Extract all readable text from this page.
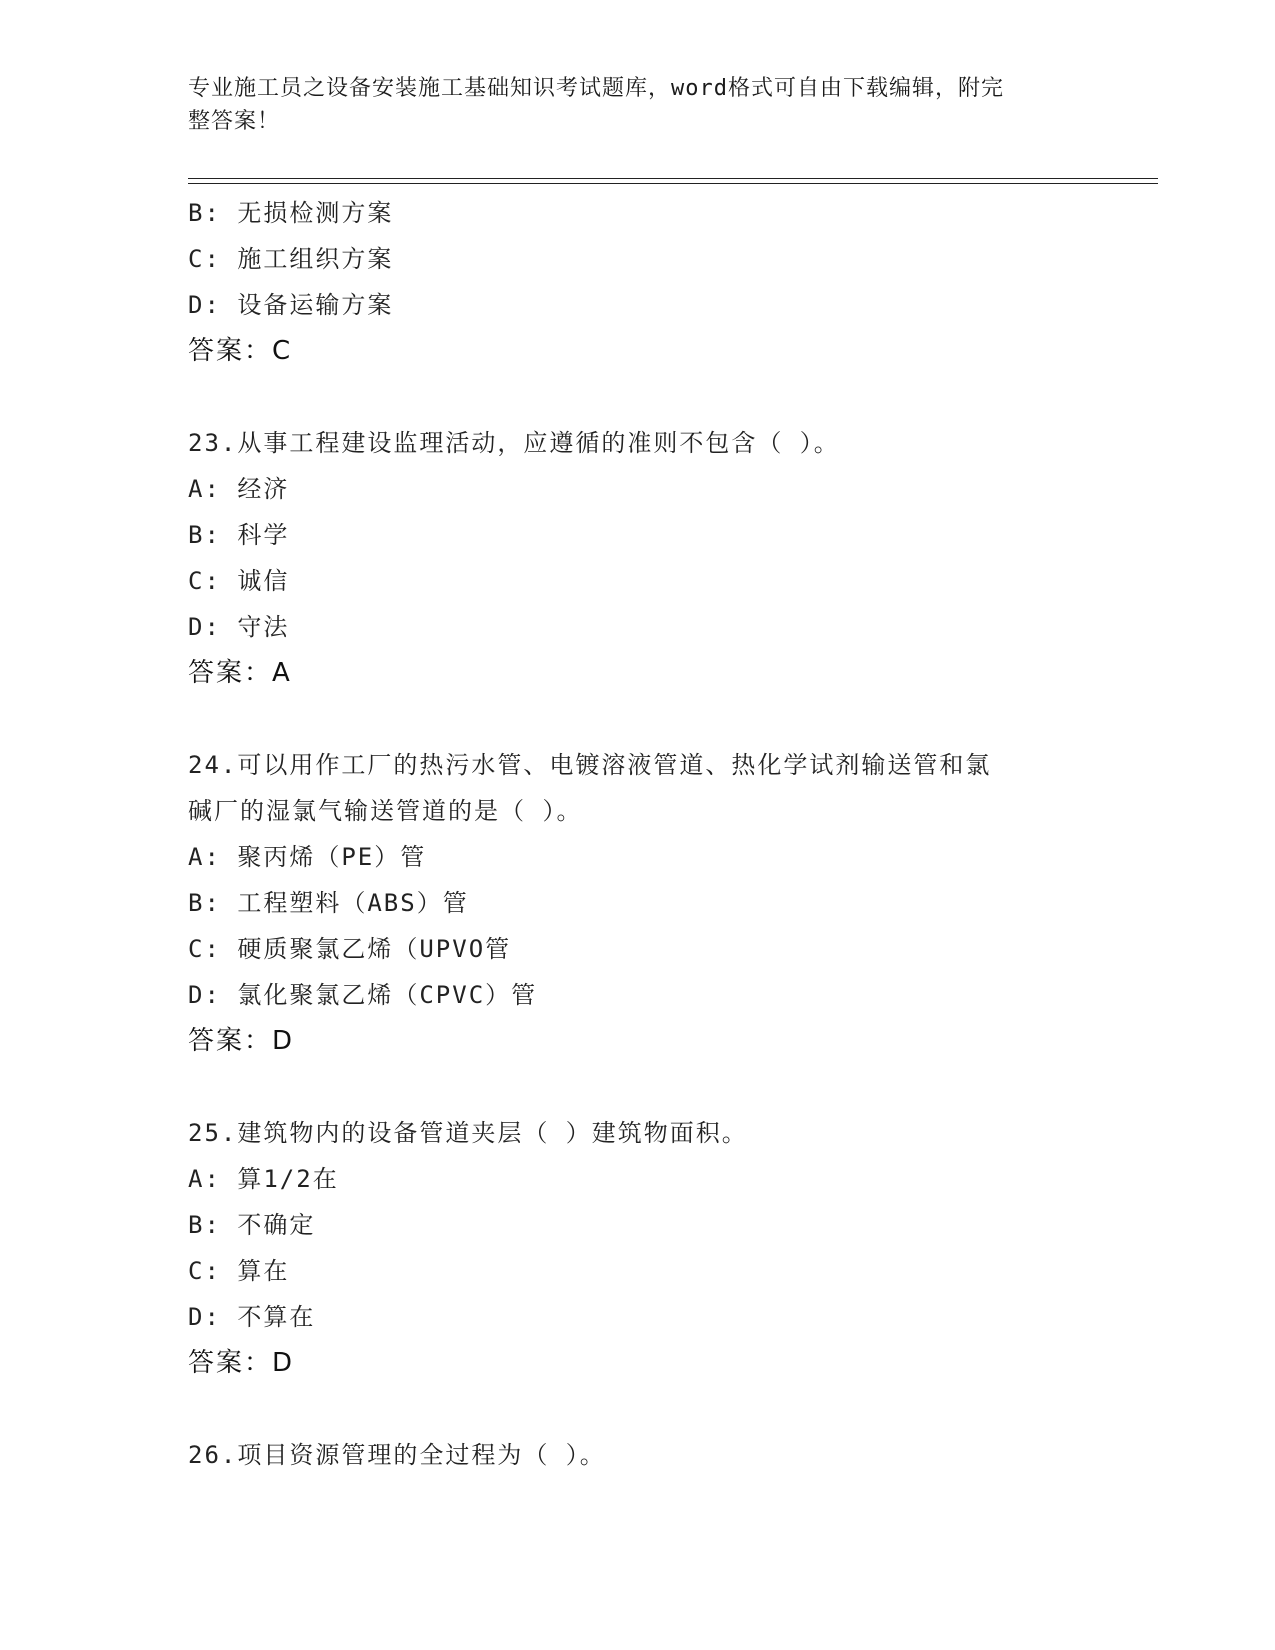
专业施工员之设备安装施工基础知识考试题库，word格式可自由下载编辑，附完
整答案！
B: 无损检测方案
C: 施工组织方案
D: 设备运输方案
答案：C
23.从事工程建设监理活动，应遵循的准则不包含（ ）。
A: 经济
B: 科学
C: 诚信
D: 守法
答案：A
24.可以用作工厂的热污水管、电镀溶液管道、热化学试剂输送管和氯
碱厂的湿氯气输送管道的是（ ）。
A: 聚丙烯（PE）管
B: 工程塑料（ABS）管
C: 硬质聚氯乙烯（UPVO管
D: 氯化聚氯乙烯（CPVC）管
答案：D
25.建筑物内的设备管道夹层（ ）建筑物面积。
A: 算1/2在
B: 不确定
C: 算在
D: 不算在
答案：D
26.项目资源管理的全过程为（ ）。
